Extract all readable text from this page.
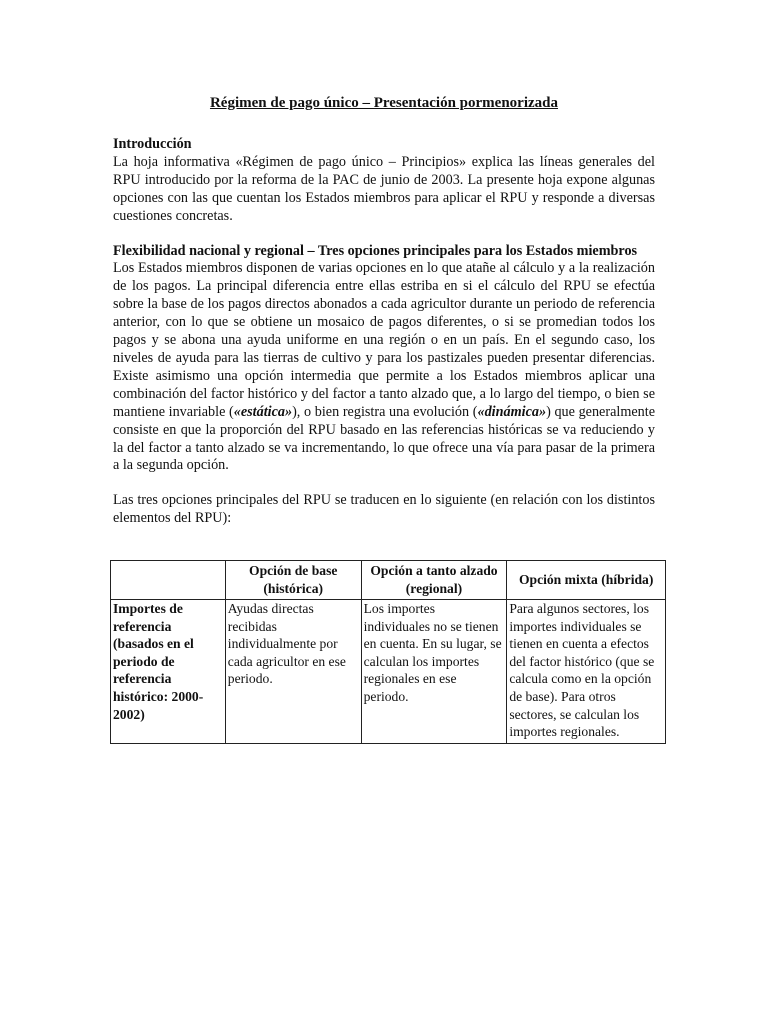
Régimen de pago único – Presentación pormenorizada

Introducción

La hoja informativa «Régimen de pago único – Principios» explica las líneas generales del RPU introducido por la reforma de la PAC de junio de 2003. La presente hoja expone algunas opciones con las que cuentan los Estados miembros para aplicar el RPU y responde a diversas cuestiones concretas.

Flexibilidad nacional y regional – Tres opciones principales para los Estados miembros

Los Estados miembros disponen de varias opciones en lo que atañe al cálculo y a la realización de los pagos. La principal diferencia entre ellas estriba en si el cálculo del RPU se efectúa sobre la base de los pagos directos abonados a cada agricultor durante un periodo de referencia anterior, con lo que se obtiene un mosaico de pagos diferentes, o si se promedian todos los pagos y se abona una ayuda uniforme en una región o en un país. En el segundo caso, los niveles de ayuda para las tierras de cultivo y para los pastizales pueden presentar diferencias. Existe asimismo una opción intermedia que permite a los Estados miembros aplicar una combinación del factor histórico y del factor a tanto alzado que, a lo largo del tiempo, o bien se mantiene invariable («estática»), o bien registra una evolución («dinámica») que generalmente consiste en que la proporción del RPU basado en las referencias históricas se va reduciendo y la del factor a tanto alzado se va incrementando, lo que ofrece una vía para pasar de la primera a la segunda opción.

Las tres opciones principales del RPU se traducen en lo siguiente (en relación con los distintos elementos del RPU):

	Opción de base (histórica)	Opción a tanto alzado (regional)	Opción mixta (híbrida)
Importes de referencia (basados en el periodo de referencia histórico: 2000-2002)	Ayudas directas recibidas individualmente por cada agricultor en ese periodo.	Los importes individuales no se tienen en cuenta. En su lugar, se calculan los importes regionales en ese periodo.	Para algunos sectores, los importes individuales se tienen en cuenta a efectos del factor histórico (que se calcula como en la opción de base). Para otros sectores, se calculan los importes regionales.
